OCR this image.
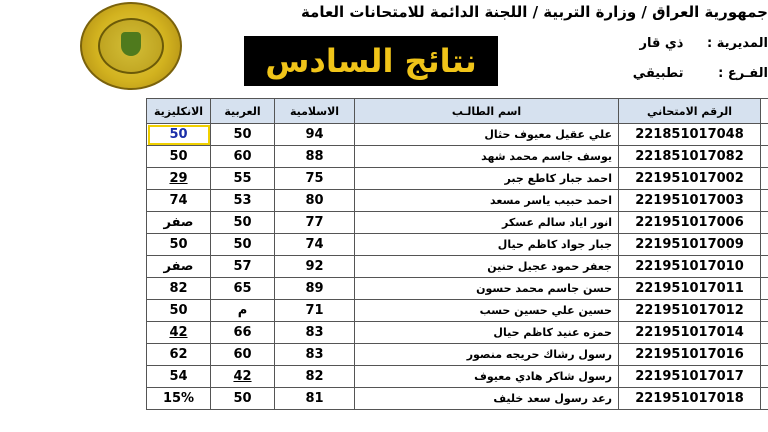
جمهورية العراق / وزارة التربية / اللجنة الدائمة للامتحانات العامة
نتائج السادس	المديرية : ذي قار
الفـرع : تطبيقي
	الرقم الامتحاني	اسم الطالـب	الاسلامية	العربية	الانكليزية
	221851017048	علي عقيل معيوف حثال	94	50	50
	221851017082	يوسف جاسم محمد شهد	88	60	50
	221951017002	احمد جبار كاطع جبر	75	55	29
	221951017003	احمد حبيب ياسر مسعد	80	53	74
	221951017006	انور اياد سالم عسكر	77	50	صفر
	221951017009	جبار جواد كاظم حيال	74	50	50
	221951017010	جعفر حمود عجيل حنين	92	57	صفر
	221951017011	حسن جاسم محمد حسون	89	65	82
	221951017012	حسين علي حسين حسب	71	م	50
	221951017014	حمزه عنيد كاظم حيال	83	66	42
	221951017016	رسول رشاك حريجه منصور	83	60	62
	221951017017	رسول شاكر هادي معيوف	82	42	54
	221951017018	رعد رسول سعد خليف	81	50	15%
